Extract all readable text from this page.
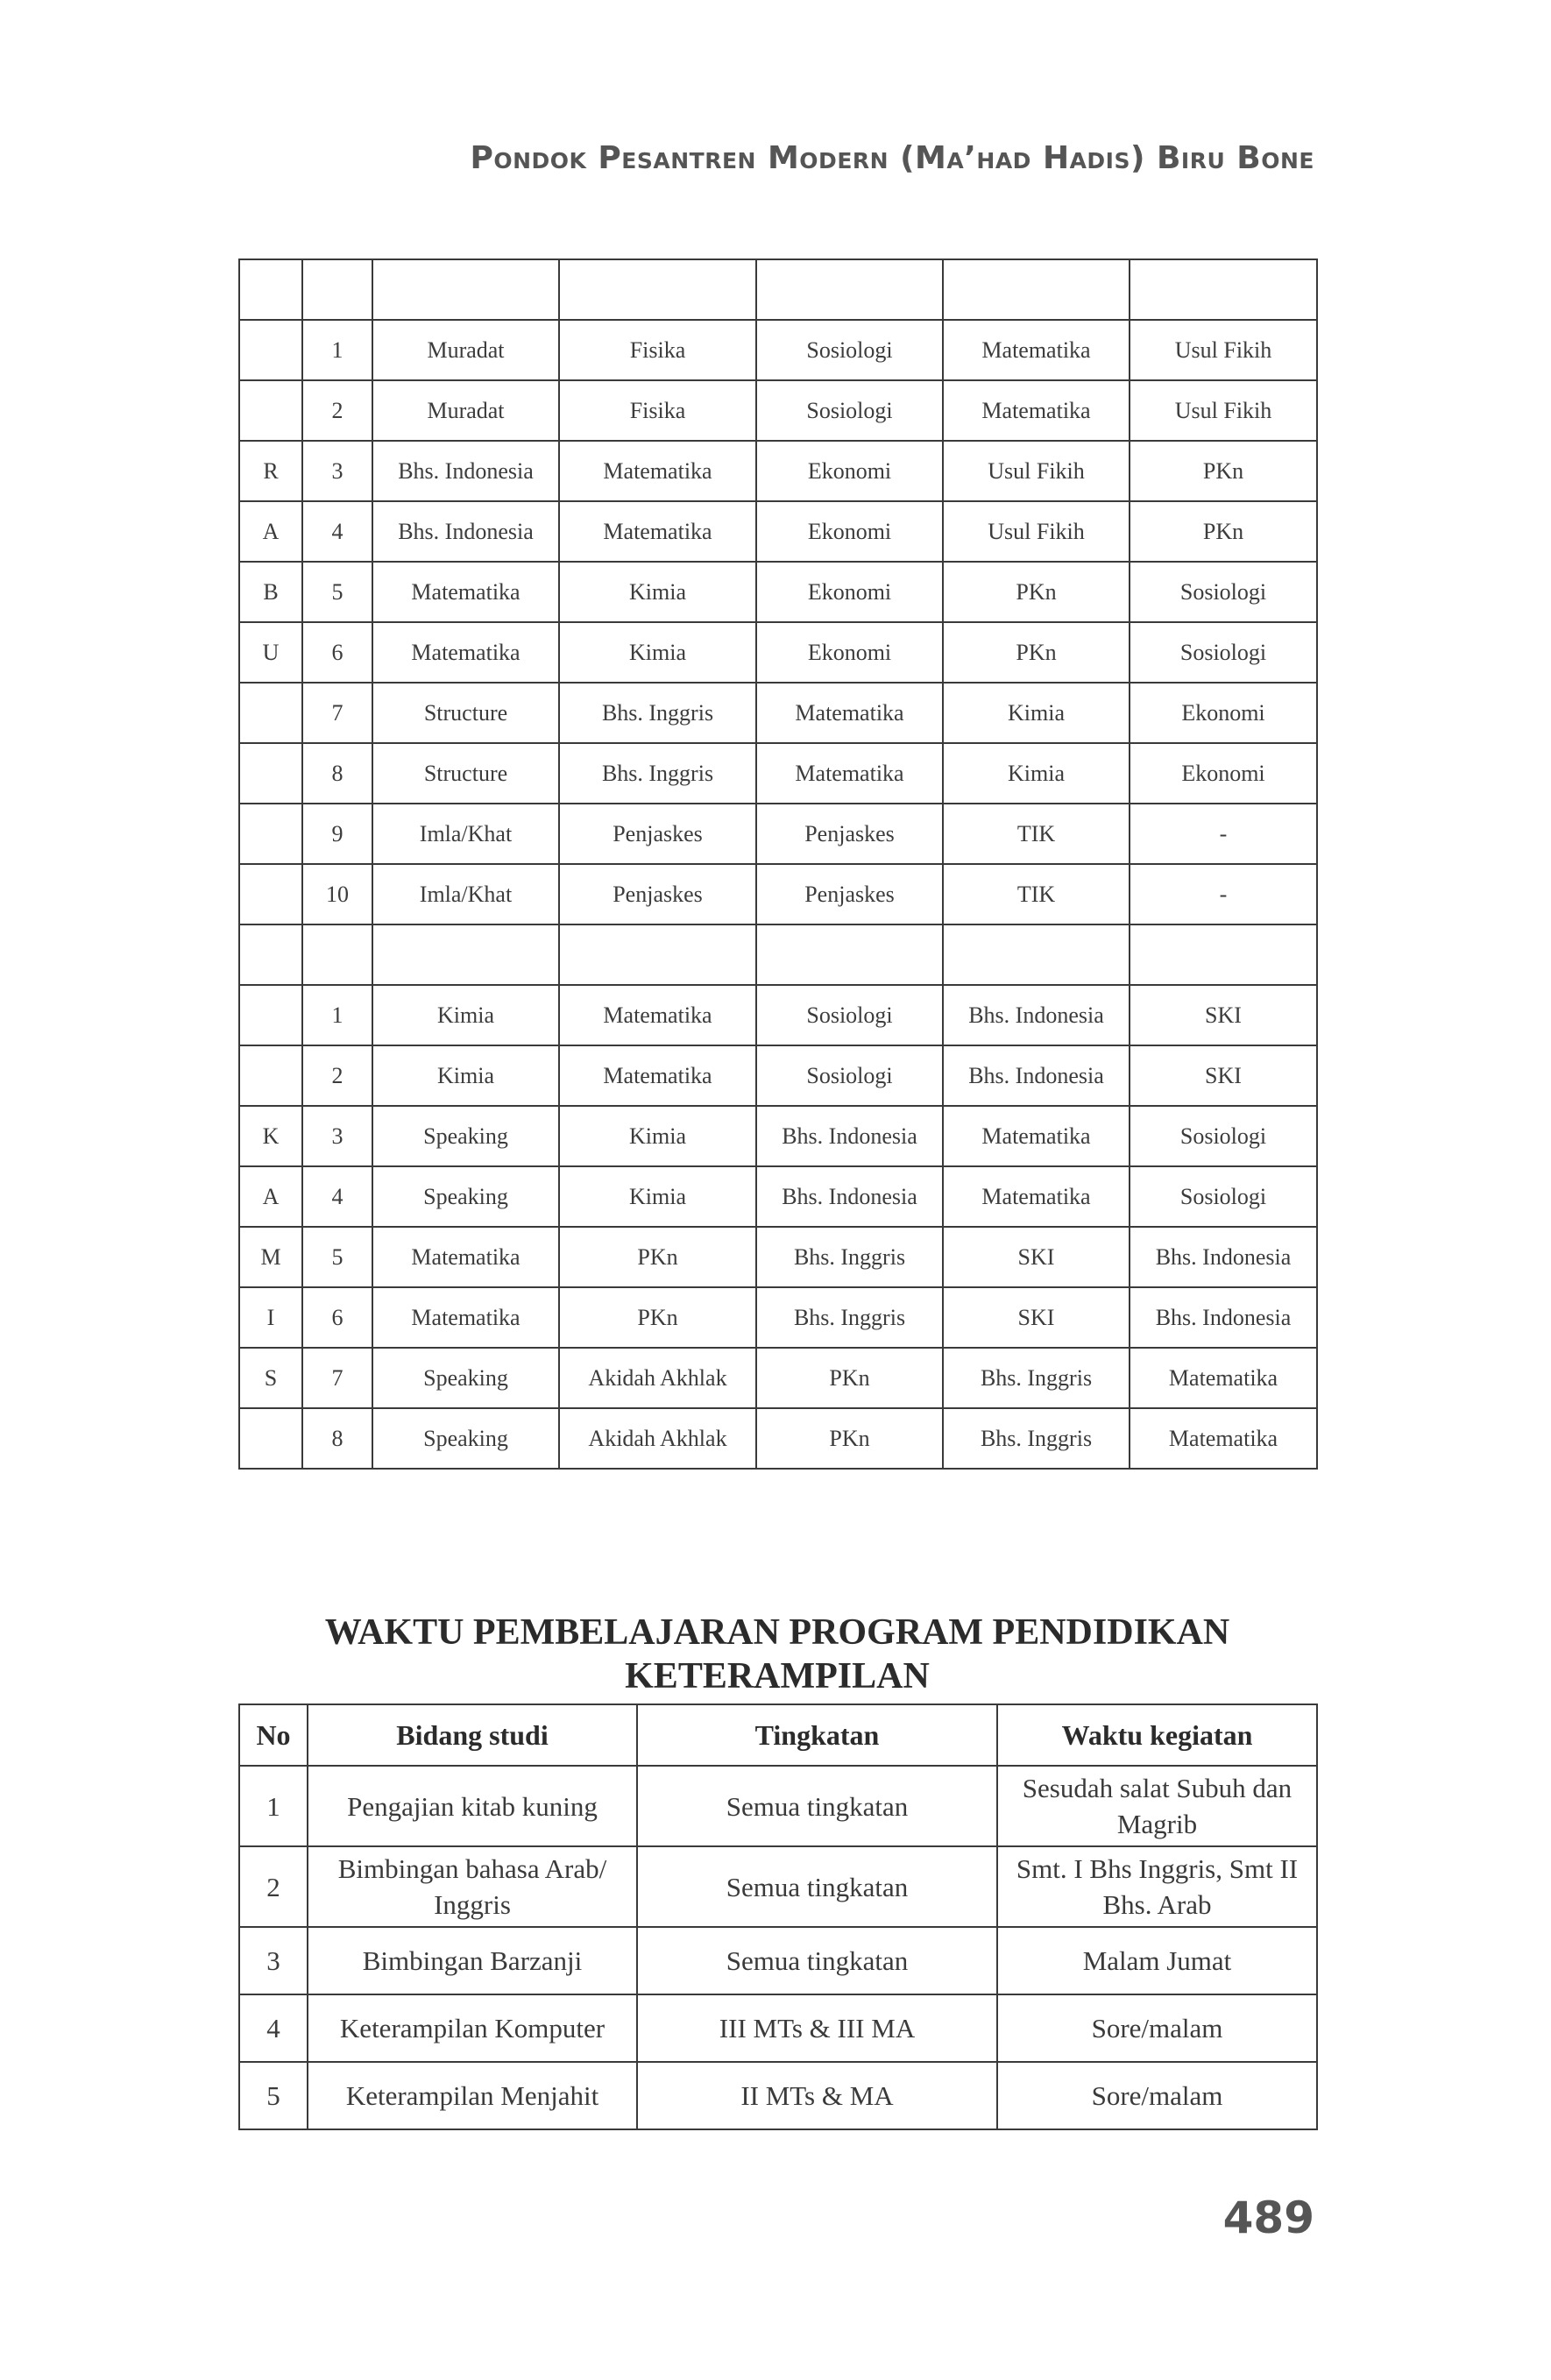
Pondok Pesantren Modern (Ma’had Hadis) Biru Bone

	1	Muradat	Fisika	Sosiologi	Matematika	Usul Fikih
	2	Muradat	Fisika	Sosiologi	Matematika	Usul Fikih
R	3	Bhs. Indonesia	Matematika	Ekonomi	Usul Fikih	PKn
A	4	Bhs. Indonesia	Matematika	Ekonomi	Usul Fikih	PKn
B	5	Matematika	Kimia	Ekonomi	PKn	Sosiologi
U	6	Matematika	Kimia	Ekonomi	PKn	Sosiologi
	7	Structure	Bhs. Inggris	Matematika	Kimia	Ekonomi
	8	Structure	Bhs. Inggris	Matematika	Kimia	Ekonomi
	9	Imla/Khat	Penjaskes	Penjaskes	TIK	-
	10	Imla/Khat	Penjaskes	Penjaskes	TIK	-

	1	Kimia	Matematika	Sosiologi	Bhs. Indonesia	SKI
	2	Kimia	Matematika	Sosiologi	Bhs. Indonesia	SKI
K	3	Speaking	Kimia	Bhs. Indonesia	Matematika	Sosiologi
A	4	Speaking	Kimia	Bhs. Indonesia	Matematika	Sosiologi
M	5	Matematika	PKn	Bhs. Inggris	SKI	Bhs. Indonesia
I	6	Matematika	PKn	Bhs. Inggris	SKI	Bhs. Indonesia
S	7	Speaking	Akidah Akhlak	PKn	Bhs. Inggris	Matematika
	8	Speaking	Akidah Akhlak	PKn	Bhs. Inggris	Matematika
WAKTU PEMBELAJARAN PROGRAM PENDIDIKAN
KETERAMPILAN
No	Bidang studi	Tingkatan	Waktu kegiatan
1	Pengajian kitab kuning	Semua tingkatan	Sesudah salat Subuh dan Magrib
2	Bimbingan bahasa Arab/ Inggris	Semua tingkatan	Smt. I Bhs Inggris, Smt II Bhs. Arab
3	Bimbingan Barzanji	Semua tingkatan	Malam Jumat
4	Keterampilan Komputer	III MTs & III MA	Sore/malam
5	Keterampilan Menjahit	II MTs & MA	Sore/malam
489
